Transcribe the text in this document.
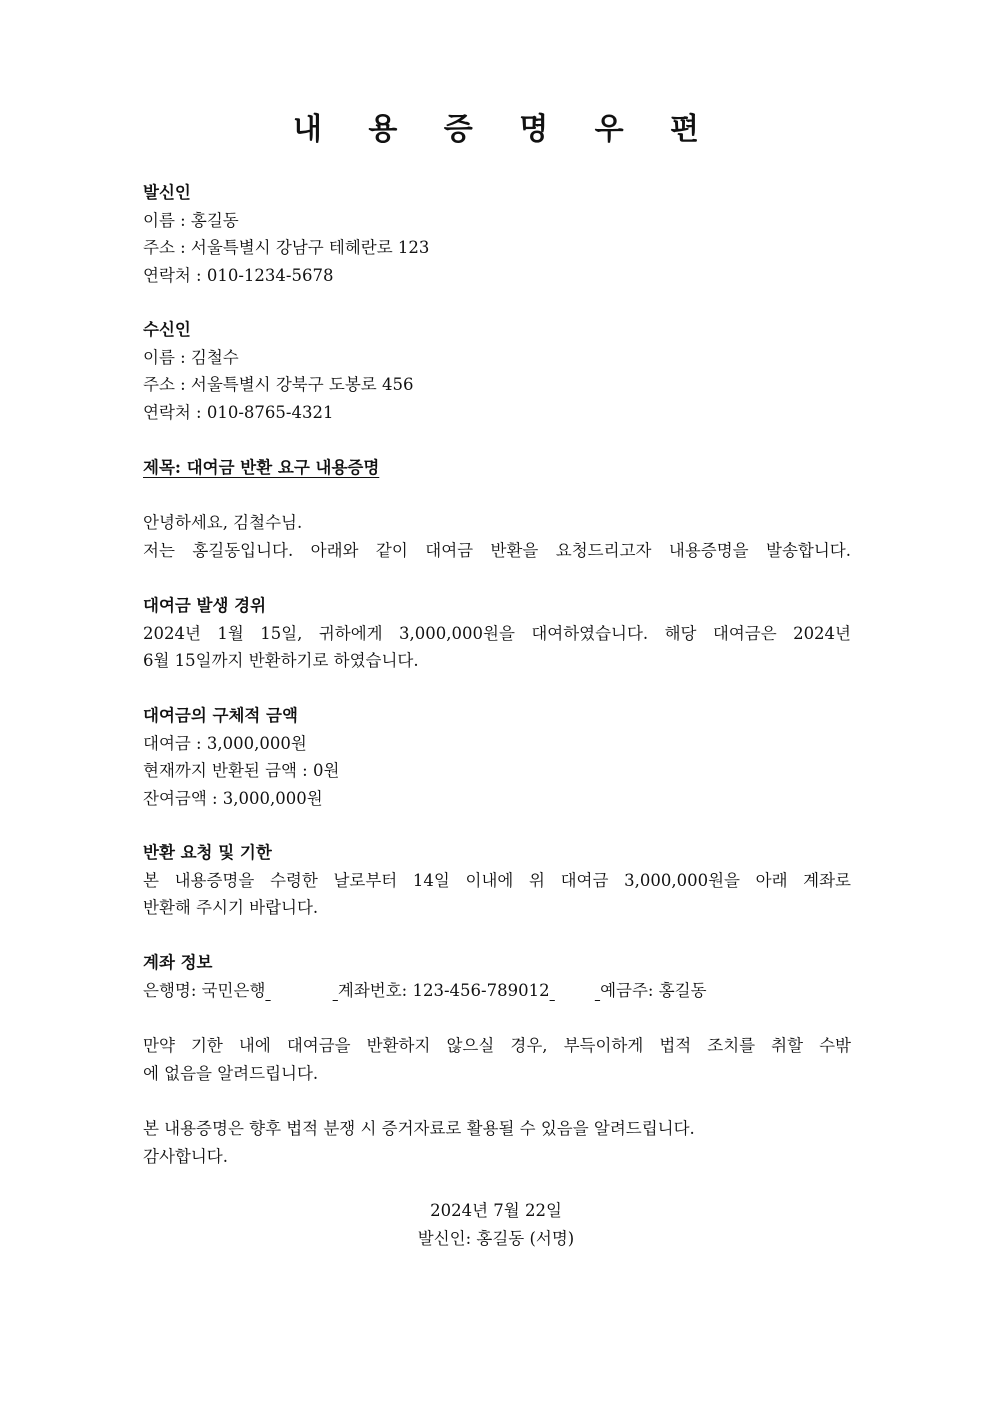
내 용 증 명 우 편
발신인
이름 : 홍길동
주소 : 서울특별시 강남구 테헤란로 123
연락처 : 010-1234-5678
수신인
이름 : 김철수
주소 : 서울특별시 강북구 도봉로 456
연락처 : 010-8765-4321
제목: 대여금 반환 요구 내용증명
안녕하세요, 김철수님.
저는 홍길동입니다. 아래와 같이 대여금 반환을 요청드리고자 내용증명을 발송합니다.
대여금 발생 경위
2024년 1월 15일, 귀하에게 3,000,000원을 대여하였습니다. 해당 대여금은 2024년
6월 15일까지 반환하기로 하였습니다.
대여금의 구체적 금액
대여금 : 3,000,000원
현재까지 반환된 금액 : 0원
잔여금액 : 3,000,000원
반환 요청 및 기한
본 내용증명을 수령한 날로부터 14일 이내에 위 대여금 3,000,000원을 아래 계좌로
반환해 주시기 바랍니다.
계좌 정보
은행명: 국민은행	계좌번호: 123-456-789012	예금주: 홍길동
만약 기한 내에 대여금을 반환하지 않으실 경우, 부득이하게 법적 조치를 취할 수밖
에 없음을 알려드립니다.
본 내용증명은 향후 법적 분쟁 시 증거자료로 활용될 수 있음을 알려드립니다.
감사합니다.
2024년 7월 22일
발신인: 홍길동 (서명)
